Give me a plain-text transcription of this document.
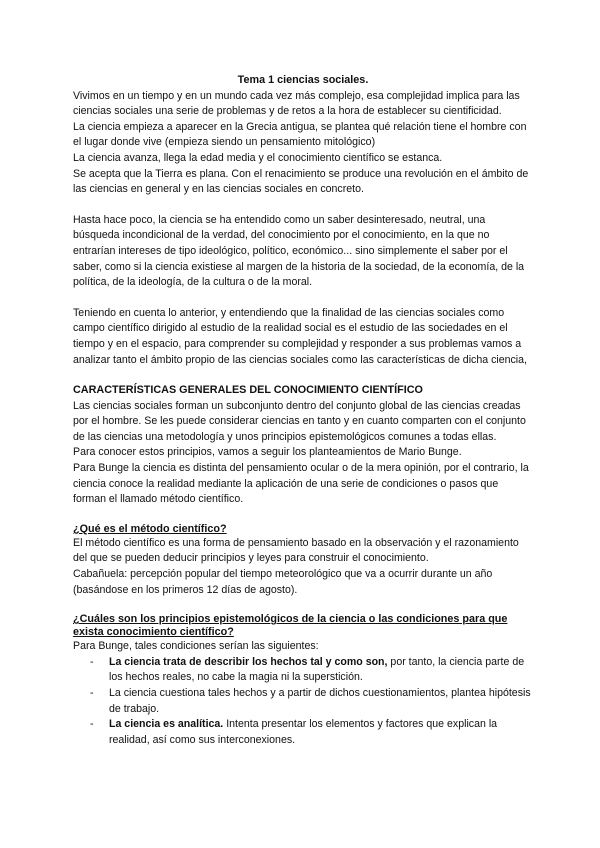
Tema 1 ciencias sociales.

Vivimos en un tiempo y en un mundo cada vez más complejo, esa complejidad implica para las ciencias sociales una serie de problemas y de retos a la hora de establecer su cientificidad.

La ciencia empieza a aparecer en la Grecia antigua, se plantea qué relación tiene el hombre con el lugar donde vive (empieza siendo un pensamiento mitológico)

La ciencia avanza, llega la edad media y el conocimiento científico se estanca.

Se acepta que la Tierra es plana. Con el renacimiento se produce una revolución en el ámbito de las ciencias en general y en las ciencias sociales en concreto.

Hasta hace poco, la ciencia se ha entendido como un saber desinteresado, neutral, una búsqueda incondicional de la verdad, del conocimiento por el conocimiento, en la que no entrarían intereses de tipo ideológico, político, económico... sino simplemente el saber por el saber, como si la ciencia existiese al margen de la historia de la sociedad, de la economía, de la política, de la ideología, de la cultura o de la moral.

Teniendo en cuenta lo anterior, y entendiendo que la finalidad de las ciencias sociales como campo científico dirigido al estudio de la realidad social es el estudio de las sociedades en el tiempo y en el espacio, para comprender su complejidad y responder a sus problemas vamos a analizar tanto el ámbito propio de las ciencias sociales como las características de dicha ciencia,

CARACTERÍSTICAS GENERALES DEL CONOCIMIENTO CIENTÍFICO

Las ciencias sociales forman un subconjunto dentro del conjunto global de las ciencias creadas por el hombre. Se les puede considerar ciencias en tanto y en cuanto comparten con el conjunto de las ciencias una metodología y unos principios epistemológicos comunes a todas ellas.

Para conocer estos principios, vamos a seguir los planteamientos de Mario Bunge.

Para Bunge la ciencia es distinta del pensamiento ocular o de la mera opinión, por el contrario, la ciencia conoce la realidad mediante la aplicación de una serie de condiciones o pasos que forman el llamado método científico.

¿Qué es el método científico?

El método científico es una forma de pensamiento basado en la observación y el razonamiento del que se pueden deducir principios y leyes para construir el conocimiento.

Cabañuela: percepción popular del tiempo meteorológico que va a ocurrir durante un año (basándose en los primeros 12 días de agosto).

¿Cuáles son los principios epistemológicos de la ciencia o las condiciones para que exista conocimiento científico?

Para Bunge, tales condiciones serían las siguientes:

- La ciencia trata de describir los hechos tal y como son, por tanto, la ciencia parte de los hechos reales, no cabe la magia ni la superstición.
- La ciencia cuestiona tales hechos y a partir de dichos cuestionamientos, plantea hipótesis de trabajo.
- La ciencia es analítica. Intenta presentar los elementos y factores que explican la realidad, así como sus interconexiones.
